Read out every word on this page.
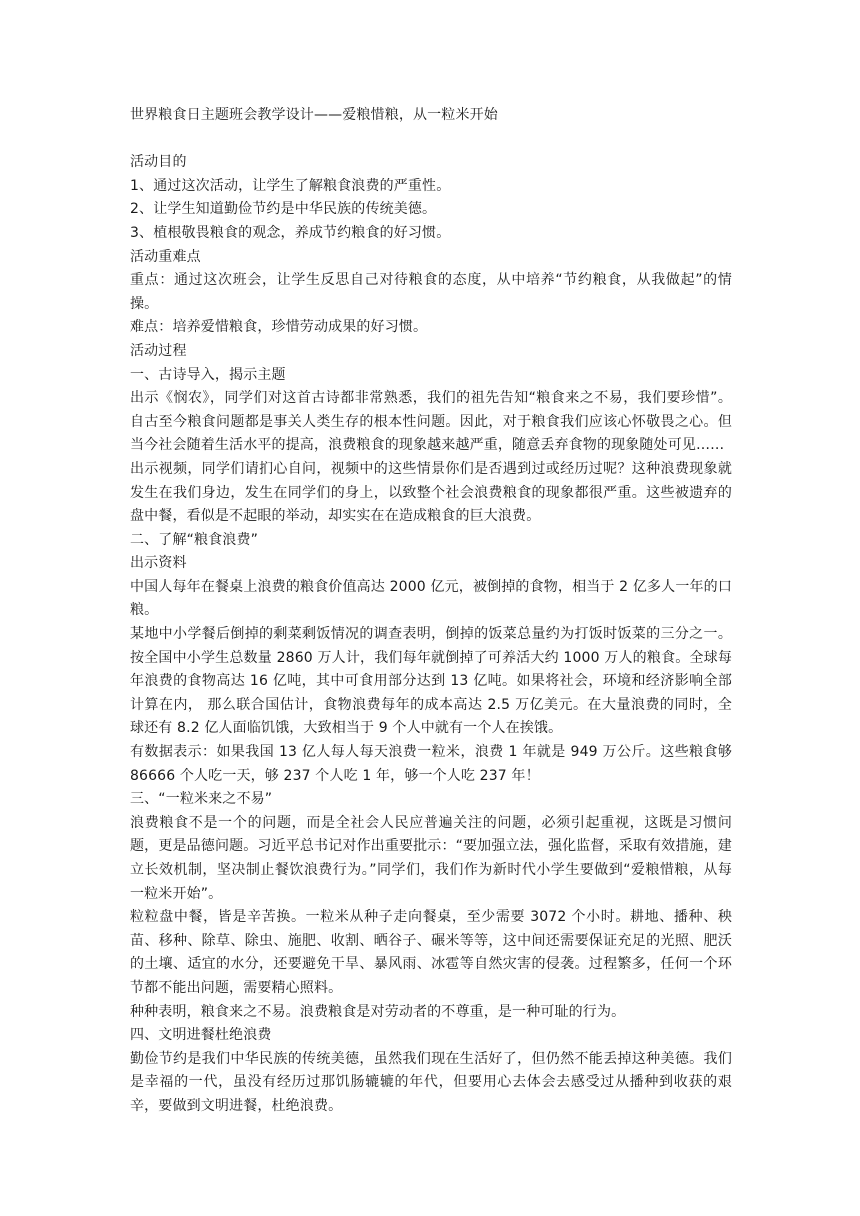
世界粮食日主题班会教学设计——爱粮惜粮，从一粒米开始

活动目的

1、通过这次活动，让学生了解粮食浪费的严重性。

2、让学生知道勤俭节约是中华民族的传统美德。

3、植根敬畏粮食的观念，养成节约粮食的好习惯。

活动重难点

重点：通过这次班会，让学生反思自己对待粮食的态度，从中培养“节约粮食，从我做起”的情操。

难点：培养爱惜粮食，珍惜劳动成果的好习惯。

活动过程

一、古诗导入，揭示主题

出示《悯农》，同学们对这首古诗都非常熟悉，我们的祖先告知“粮食来之不易，我们要珍惜”。自古至今粮食问题都是事关人类生存的根本性问题。因此，对于粮食我们应该心怀敬畏之心。但当今社会随着生活水平的提高，浪费粮食的现象越来越严重，随意丢弃食物的现象随处可见……

出示视频，同学们请扪心自问，视频中的这些情景你们是否遇到过或经历过呢？这种浪费现象就发生在我们身边，发生在同学们的身上，以致整个社会浪费粮食的现象都很严重。这些被遗弃的盘中餐，看似是不起眼的举动，却实实在在造成粮食的巨大浪费。

二、了解“粮食浪费”

出示资料

中国人每年在餐桌上浪费的粮食价值高达 2000 亿元，被倒掉的食物，相当于 2 亿多人一年的口粮。

某地中小学餐后倒掉的剩菜剩饭情况的调查表明，倒掉的饭菜总量约为打饭时饭菜的三分之一。按全国中小学生总数量 2860 万人计，我们每年就倒掉了可养活大约 1000 万人的粮食。全球每年浪费的食物高达 16 亿吨，其中可食用部分达到 13 亿吨。如果将社会，环境和经济影响全部计算在内， 那么联合国估计，食物浪费每年的成本高达 2.5 万亿美元。在大量浪费的同时，全球还有 8.2 亿人面临饥饿，大致相当于 9 个人中就有一个人在挨饿。

有数据表示：如果我国 13 亿人每人每天浪费一粒米，浪费 1 年就是 949 万公斤。这些粮食够 86666 个人吃一天，够 237 个人吃 1 年，够一个人吃 237 年！

三、“一粒米来之不易”

浪费粮食不是一个的问题，而是全社会人民应普遍关注的问题，必须引起重视，这既是习惯问题，更是品德问题。习近平总书记对作出重要批示：“要加强立法，强化监督，采取有效措施，建立长效机制，坚决制止餐饮浪费行为。”同学们，我们作为新时代小学生要做到“爱粮惜粮，从每一粒米开始”。

粒粒盘中餐，皆是辛苦换。一粒米从种子走向餐桌，至少需要 3072 个小时。耕地、播种、秧苗、移种、除草、除虫、施肥、收割、晒谷子、碾米等等，这中间还需要保证充足的光照、肥沃的土壤、适宜的水分，还要避免干旱、暴风雨、冰雹等自然灾害的侵袭。过程繁多，任何一个环节都不能出问题，需要精心照料。

种种表明，粮食来之不易。浪费粮食是对劳动者的不尊重，是一种可耻的行为。

四、文明进餐杜绝浪费

勤俭节约是我们中华民族的传统美德，虽然我们现在生活好了，但仍然不能丢掉这种美德。我们是幸福的一代，虽没有经历过那饥肠辘辘的年代，但要用心去体会去感受过从播种到收获的艰辛，要做到文明进餐，杜绝浪费。
